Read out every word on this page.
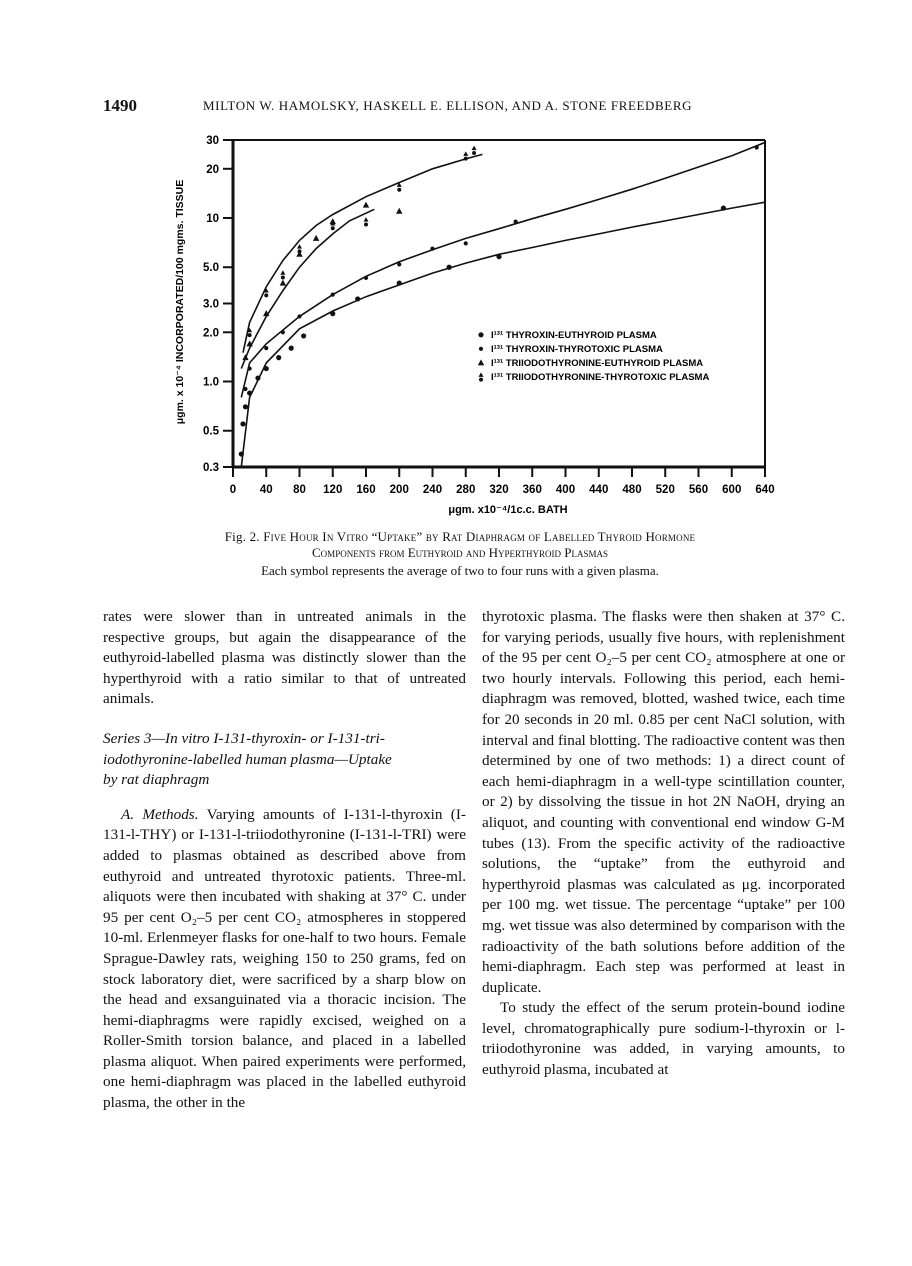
1490	MILTON W. HAMOLSKY, HASKELL E. ELLISON, AND A. STONE FREEDBERG
0.3
0.5
1.0
2.0
3.0
5.0
10
20
30
0 40 80 120 160 200 240 280 320 360 400 440 480 520 560 600 640
I¹³¹ THYROXIN-EUTHYROID PLASMA
I¹³¹ THYROXIN-THYROTOXIC PLASMA
I¹³¹ TRIIODOTHYRONINE-EUTHYROID PLASMA
I¹³¹ TRIIODOTHYRONINE-THYROTOXIC PLASMA
μgm. x 10⁻⁴ INCORPORATED/100 mgms. TISSUE
μgm. x10⁻⁴/1c.c. BATH
Fig. 2. Five Hour In Vitro “Uptake” by Rat Diaphragm of Labelled Thyroid Hormone
Components from Euthyroid and Hyperthyroid Plasmas
Each symbol represents the average of two to four runs with a given plasma.

rates were slower than in untreated animals in the respective groups, but again the disappearance of the euthyroid-labelled plasma was distinctly slower than the hyperthyroid with a ratio similar to that of untreated animals.

Series 3—In vitro I-131-thyroxin- or I-131-tri-
iodothyronine-labelled human plasma—Uptake
by rat diaphragm

A. Methods. Varying amounts of I-131-l-thyroxin (I-131-l-THY) or I-131-l-triiodothyronine (I-131-l-TRI) were added to plasmas obtained as described above from euthyroid and untreated thyrotoxic patients. Three-ml. aliquots were then incubated with shaking at 37° C. under 95 per cent O₂–5 per cent CO₂ atmospheres in stoppered 10-ml. Erlenmeyer flasks for one-half to two hours. Female Sprague-Dawley rats, weighing 150 to 250 grams, fed on stock laboratory diet, were sacrificed by a sharp blow on the head and exsanguinated via a thoracic incision. The hemi-diaphragms were rapidly excised, weighed on a Roller-Smith torsion balance, and placed in a labelled plasma aliquot. When paired experiments were performed, one hemi-diaphragm was placed in the labelled euthyroid plasma, the other in the

thyrotoxic plasma. The flasks were then shaken at 37° C. for varying periods, usually five hours, with replenishment of the 95 per cent O₂–5 per cent CO₂ atmosphere at one or two hourly intervals. Following this period, each hemi-diaphragm was removed, blotted, washed twice, each time for 20 seconds in 20 ml. 0.85 per cent NaCl solution, with interval and final blotting. The radioactive content was then determined by one of two methods: 1) a direct count of each hemi-diaphragm in a well-type scintillation counter, or 2) by dissolving the tissue in hot 2N NaOH, drying an aliquot, and counting with conventional end window G-M tubes (13). From the specific activity of the radioactive solutions, the “uptake” from the euthyroid and hyperthyroid plasmas was calculated as μg. incorporated per 100 mg. wet tissue. The percentage “uptake” per 100 mg. wet tissue was also determined by comparison with the radioactivity of the bath solutions before addition of the hemi-diaphragm. Each step was performed at least in duplicate.

To study the effect of the serum protein-bound iodine level, chromatographically pure sodium-l-thyroxin or l-triiodothyronine was added, in varying amounts, to euthyroid plasma, incubated at
